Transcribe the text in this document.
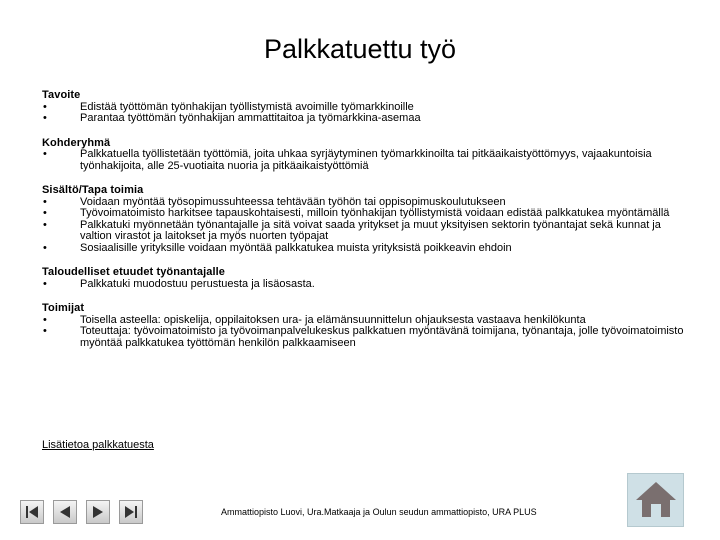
Palkkatuettu työ
Tavoite
• Edistää työttömän työnhakijan työllistymistä avoimille työmarkkinoille
• Parantaa työttömän työnhakijan ammattitaitoa ja työmarkkina-asemaa
Kohderyhmä
• Palkkatuella työllistetään työttömiä, joita uhkaa syrjäytyminen työmarkkinoilta tai pitkäaikaistyöttömyys, vajaakuntoisia työnhakijoita, alle 25-vuotiaita nuoria ja pitkäaikaistyöttömiä
Sisältö/Tapa toimia
• Voidaan myöntää työsopimussuhteessa tehtävään työhön tai oppisopimuskoulutukseen
• Työvoimatoimisto harkitsee tapauskohtaisesti, milloin työnhakijan työllistymistä voidaan edistää palkkatukea myöntämällä
• Palkkatuki myönnetään työnantajalle ja sitä voivat saada yritykset ja muut yksityisen sektorin työnantajat sekä kunnat ja valtion virastot ja laitokset ja myös nuorten työpajat
• Sosiaalisille yrityksille voidaan myöntää palkkatukea muista yrityksistä poikkeavin ehdoin
Taloudelliset etuudet työnantajalle
• Palkkatuki muodostuu perustuesta ja lisäosasta.
Toimijat
• Toisella asteella: opiskelija, oppilaitoksen ura- ja elämänsuunnittelun ohjauksesta vastaava henkilökunta
• Toteuttaja: työvoimatoimisto ja työvoimanpalvelukeskus palkkatuen myöntävänä toimijana, työnantaja, jolle työvoimatoimisto myöntää palkkatukea työttömän henkilön palkkaamiseen
Lisätietoa palkkatuesta
Ammattiopisto Luovi, Ura.Matkaaja ja Oulun seudun ammattiopisto, URA PLUS
